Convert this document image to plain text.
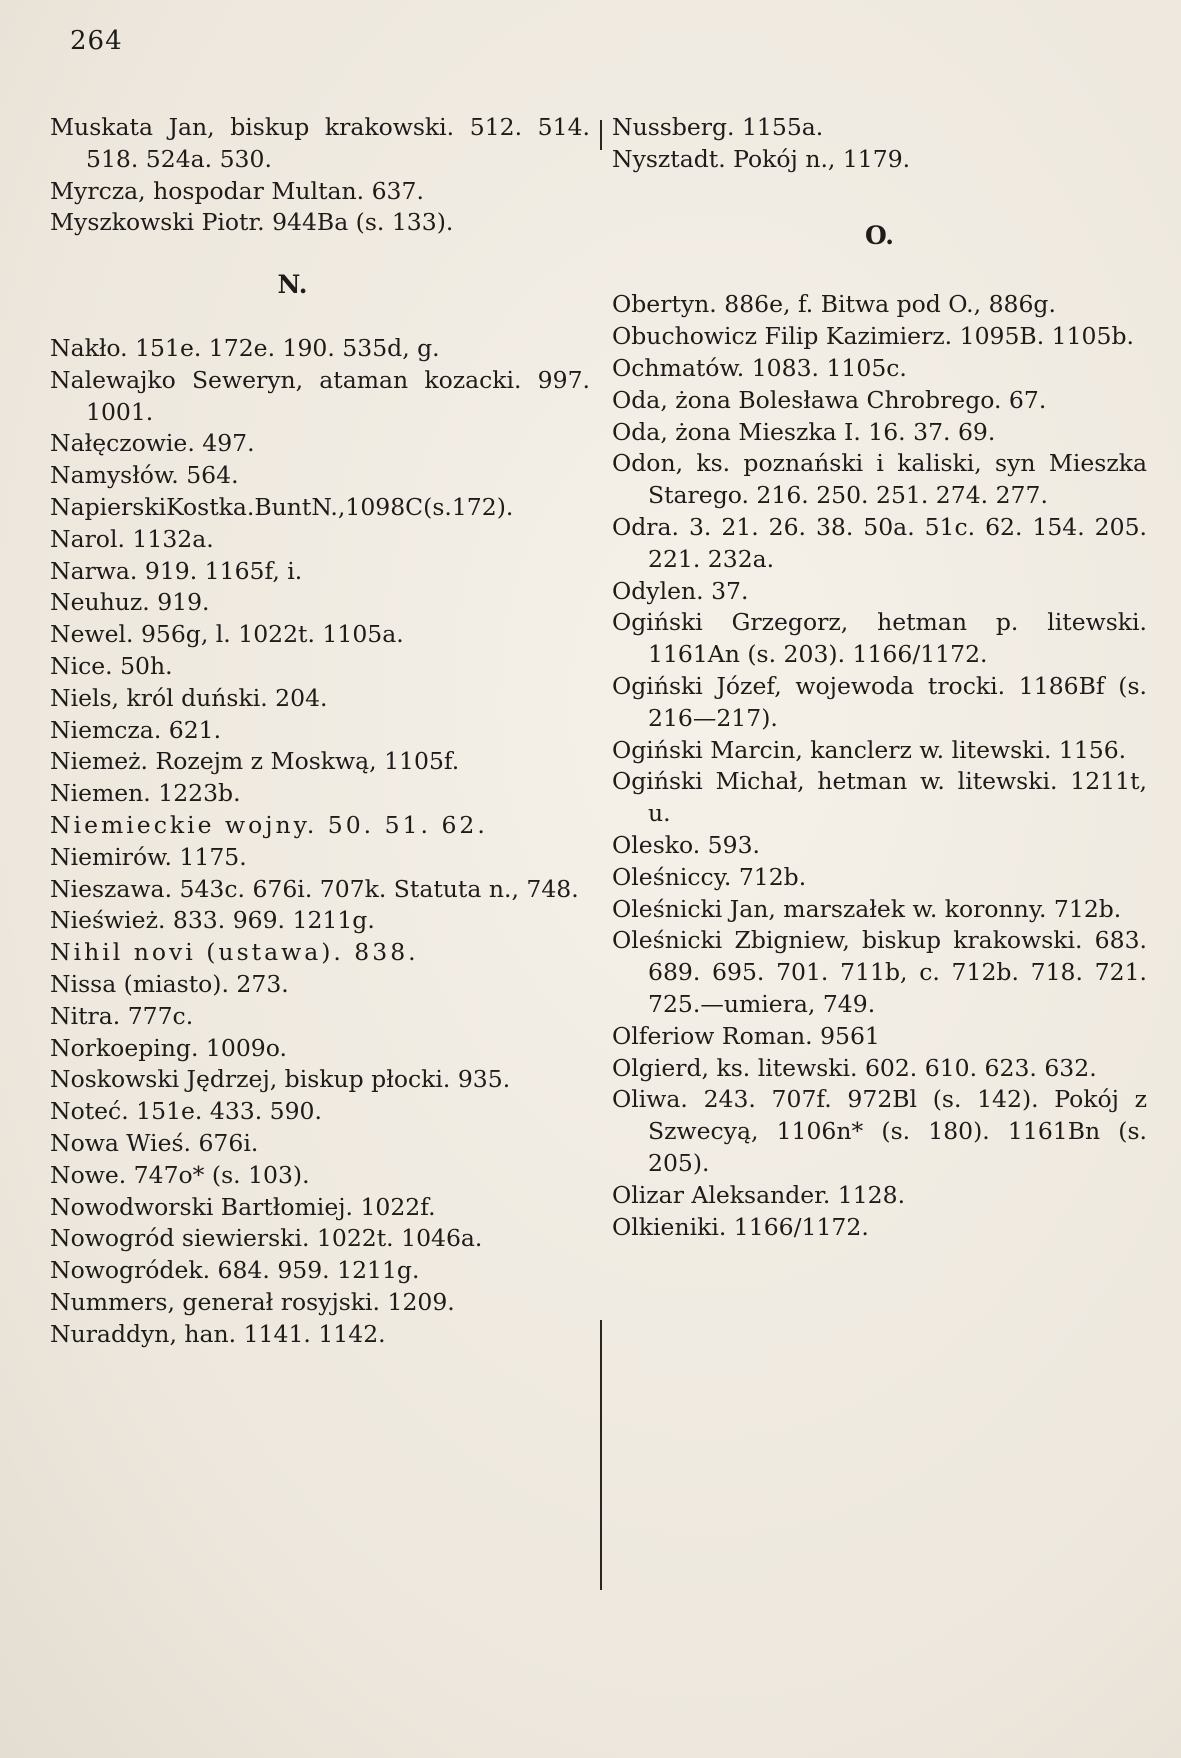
264
Muskata Jan, biskup krakowski. 512. 514. 518. 524a. 530.
Myrcza, hospodar Multan. 637.
Myszkowski Piotr. 944Ba (s. 133).
N.
Nakło. 151e. 172e. 190. 535d, g.
Nalewajko Seweryn, ataman kozacki. 997. 1001.
Nałęczowie. 497.
Namysłów. 564.
NapierskiKostka.BuntN.,1098C(s.172).
Narol. 1132a.
Narwa. 919. 1165f, i.
Neuhuz. 919.
Newel. 956g, l. 1022t. 1105a.
Nice. 50h.
Niels, król duński. 204.
Niemcza. 621.
Niemeż. Rozejm z Moskwą, 1105f.
Niemen. 1223b.
Niemieckie wojny. 50. 51. 62.
Niemirów. 1175.
Nieszawa. 543c. 676i. 707k. Statuta n., 748.
Nieśwież. 833. 969. 1211g.
Nihil novi (ustawa). 838.
Nissa (miasto). 273.
Nitra. 777c.
Norkoeping. 1009o.
Noskowski Jędrzej, biskup płocki. 935.
Noteć. 151e. 433. 590.
Nowa Wieś. 676i.
Nowe. 747o* (s. 103).
Nowodworski Bartłomiej. 1022f.
Nowogród siewierski. 1022t. 1046a.
Nowogródek. 684. 959. 1211g.
Nummers, generał rosyjski. 1209.
Nuraddyn, han. 1141. 1142.
Nussberg. 1155a.
Nysztadt. Pokój n., 1179.
O.
Obertyn. 886e, f. Bitwa pod O., 886g.
Obuchowicz Filip Kazimierz. 1095B. 1105b.
Ochmatów. 1083. 1105c.
Oda, żona Bolesława Chrobrego. 67.
Oda, żona Mieszka I. 16. 37. 69.
Odon, ks. poznański i kaliski, syn Mieszka Starego. 216. 250. 251. 274. 277.
Odra. 3. 21. 26. 38. 50a. 51c. 62. 154. 205. 221. 232a.
Odylen. 37.
Ogiński Grzegorz, hetman p. litewski. 1161An (s. 203). 1166/1172.
Ogiński Józef, wojewoda trocki. 1186Bf (s. 216—217).
Ogiński Marcin, kanclerz w. litewski. 1156.
Ogiński Michał, hetman w. litewski. 1211t, u.
Olesko. 593.
Oleśniccy. 712b.
Oleśnicki Jan, marszałek w. koronny. 712b.
Oleśnicki Zbigniew, biskup krakowski. 683. 689. 695. 701. 711b, c. 712b. 718. 721. 725.—umiera, 749.
Olferiow Roman. 9561
Olgierd, ks. litewski. 602. 610. 623. 632.
Oliwa. 243. 707f. 972Bl (s. 142). Pokój z Szwecyą, 1106n* (s. 180). 1161Bn (s. 205).
Olizar Aleksander. 1128.
Olkieniki. 1166/1172.
